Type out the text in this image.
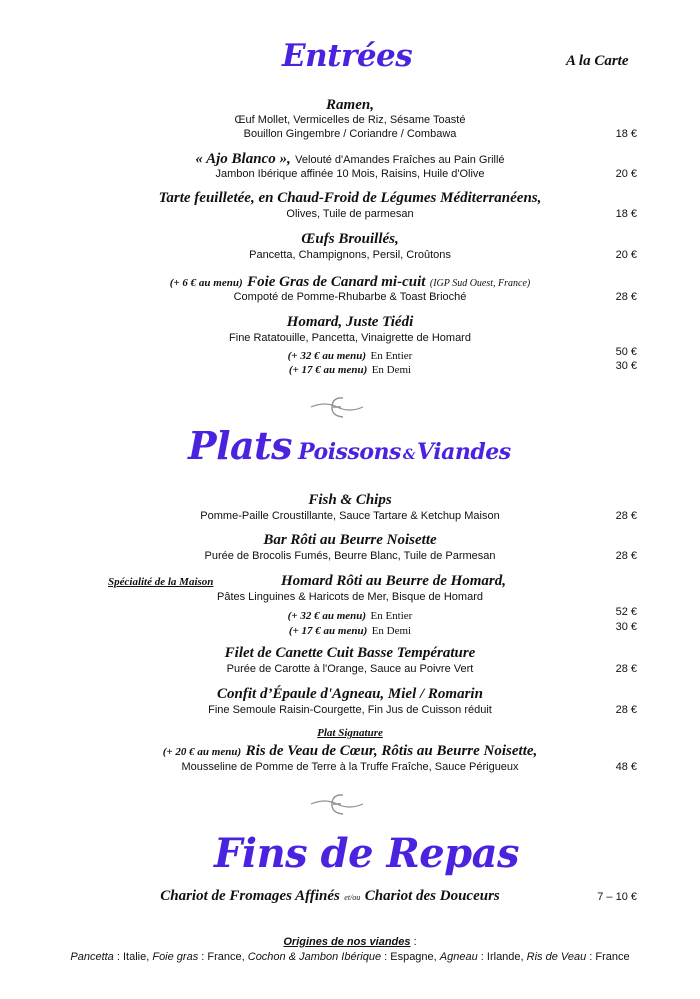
Entrées	A la Carte
Ramen,
Œuf Mollet, Vermicelles de Riz, Sésame Toasté
Bouillon Gingembre / Coriandre / Combawa	18 €
« Ajo Blanco », Velouté d'Amandes Fraîches au Pain Grillé
Jambon Ibérique affinée 10 Mois, Raisins, Huile d'Olive	20 €
Tarte feuilletée, en Chaud-Froid de Légumes Méditerranéens,
Olives, Tuile de parmesan	18 €
Œufs Brouillés,
Pancetta, Champignons, Persil, Croûtons	20 €
(+ 6 € au menu) Foie Gras de Canard mi-cuit (IGP Sud Ouest, France)
Compoté de Pomme-Rhubarbe & Toast Brioché	28 €
Homard, Juste Tiédi
Fine Ratatouille, Pancetta, Vinaigrette de Homard
(+ 32 € au menu) En Entier	50 €
(+ 17 € au menu) En Demi	30 €
Plats Poissons &Viandes
Fish & Chips
Pomme-Paille Croustillante, Sauce Tartare & Ketchup Maison	28 €
Bar Rôti au Beurre Noisette
Purée de Brocolis Fumés, Beurre Blanc, Tuile de Parmesan	28 €
Spécialité de la Maison	Homard Rôti au Beurre de Homard,
Pâtes Linguines & Haricots de Mer, Bisque de Homard
(+ 32 € au menu) En Entier	52 €
(+ 17 € au menu) En Demi	30 €
Filet de Canette Cuit Basse Température
Purée de Carotte à l'Orange, Sauce au Poivre Vert	28 €
Confit d’Épaule d'Agneau, Miel / Romarin
Fine Semoule Raisin-Courgette, Fin Jus de Cuisson réduit	28 €
Plat Signature
(+ 20 € au menu) Ris de Veau de Cœur, Rôtis au Beurre Noisette,
Mousseline de Pomme de Terre à la Truffe Fraîche, Sauce Périgueux	48 €
Fins de Repas
Chariot de Fromages Affinés et/ou Chariot des Douceurs	7 – 10 €
Origines de nos viandes :
Pancetta : Italie, Foie gras : France, Cochon & Jambon Ibérique : Espagne, Agneau : Irlande, Ris de Veau : France
